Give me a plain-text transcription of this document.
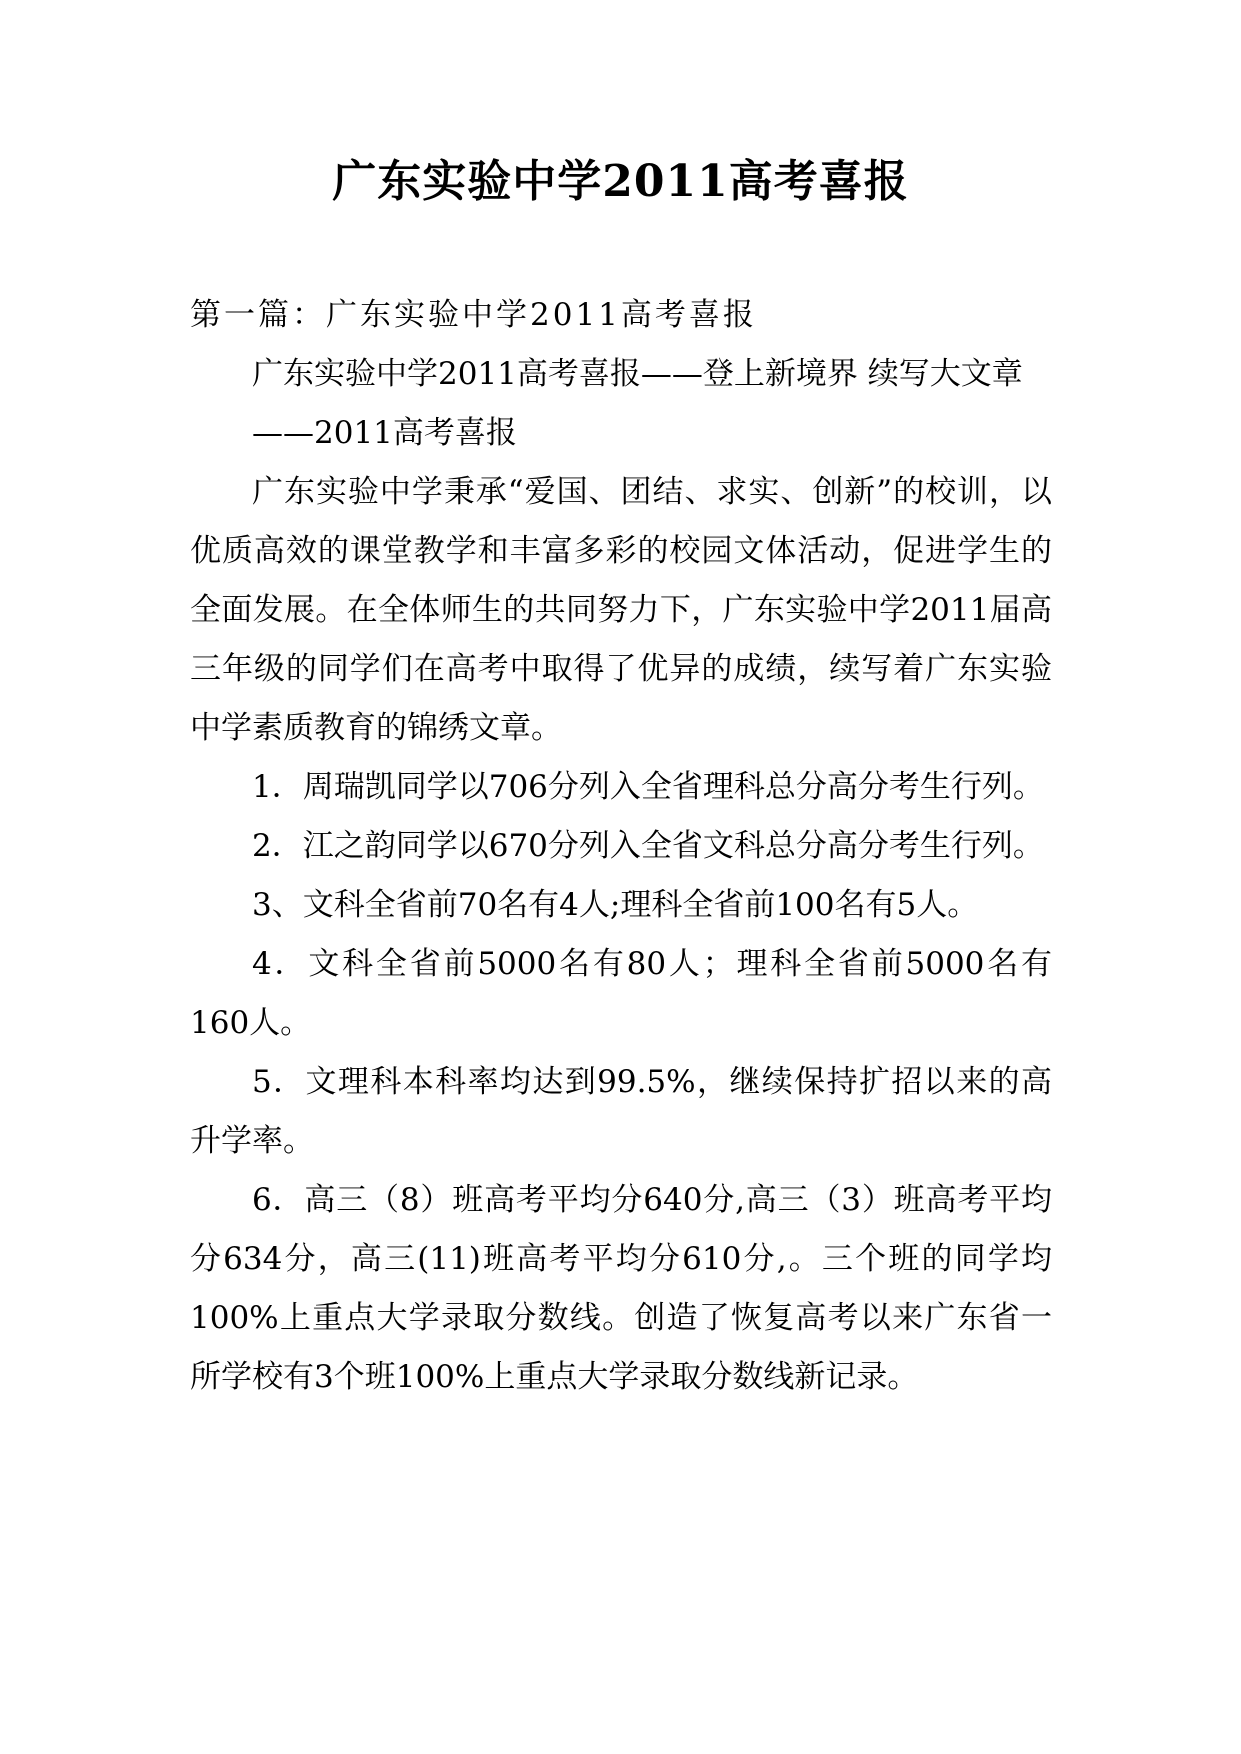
广东实验中学2011高考喜报

第一篇：广东实验中学2011高考喜报

广东实验中学2011高考喜报——登上新境界 续写大文章

——2011高考喜报

广东实验中学秉承“爱国、团结、求实、创新”的校训，以优质高效的课堂教学和丰富多彩的校园文体活动，促进学生的全面发展。在全体师生的共同努力下，广东实验中学2011届高三年级的同学们在高考中取得了优异的成绩，续写着广东实验中学素质教育的锦绣文章。

1．周瑞凯同学以706分列入全省理科总分高分考生行列。

2．江之韵同学以670分列入全省文科总分高分考生行列。

3、文科全省前70名有4人;理科全省前100名有5人。

4．文科全省前5000名有80人；理科全省前5000名有160人。

5．文理科本科率均达到99.5%，继续保持扩招以来的高升学率。

6．高三（8）班高考平均分640分,高三（3）班高考平均分634分，高三(11)班高考平均分610分,。三个班的同学均100%上重点大学录取分数线。创造了恢复高考以来广东省一所学校有3个班100%上重点大学录取分数线新记录。
